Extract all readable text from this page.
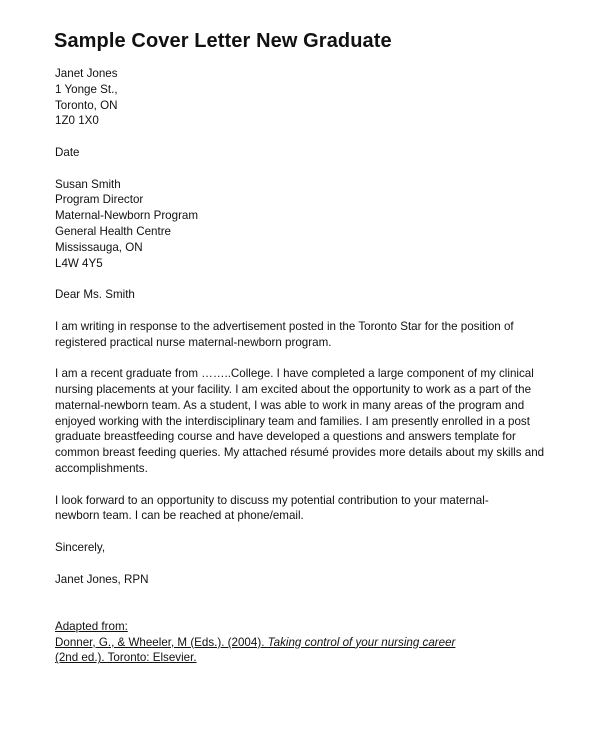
Sample Cover Letter New Graduate
Janet Jones
1 Yonge St.,
Toronto, ON
1Z0 1X0
Date
Susan Smith
Program Director
Maternal-Newborn Program
General Health Centre
Mississauga, ON
L4W 4Y5
Dear Ms. Smith
I am writing in response to the advertisement posted in the Toronto Star for the position of
registered practical nurse maternal-newborn program.
I am a recent graduate from ……..College. I have completed a large component of my clinical
nursing placements at your facility. I am excited about the opportunity to work as a part of the
maternal-newborn team. As a student, I was able to work in many areas of the program and
enjoyed working with the interdisciplinary team and families. I am presently enrolled in a post
graduate breastfeeding course and have developed a questions and answers template for
common breast feeding queries. My attached résumé provides more details about my skills and
accomplishments.
I look forward to an opportunity to discuss my potential contribution to your maternal-
newborn team. I can be reached at phone/email.
Sincerely,
Janet Jones, RPN
Adapted from:
Donner, G., & Wheeler, M (Eds.). (2004). Taking control of your nursing career
(2nd ed.). Toronto: Elsevier.
